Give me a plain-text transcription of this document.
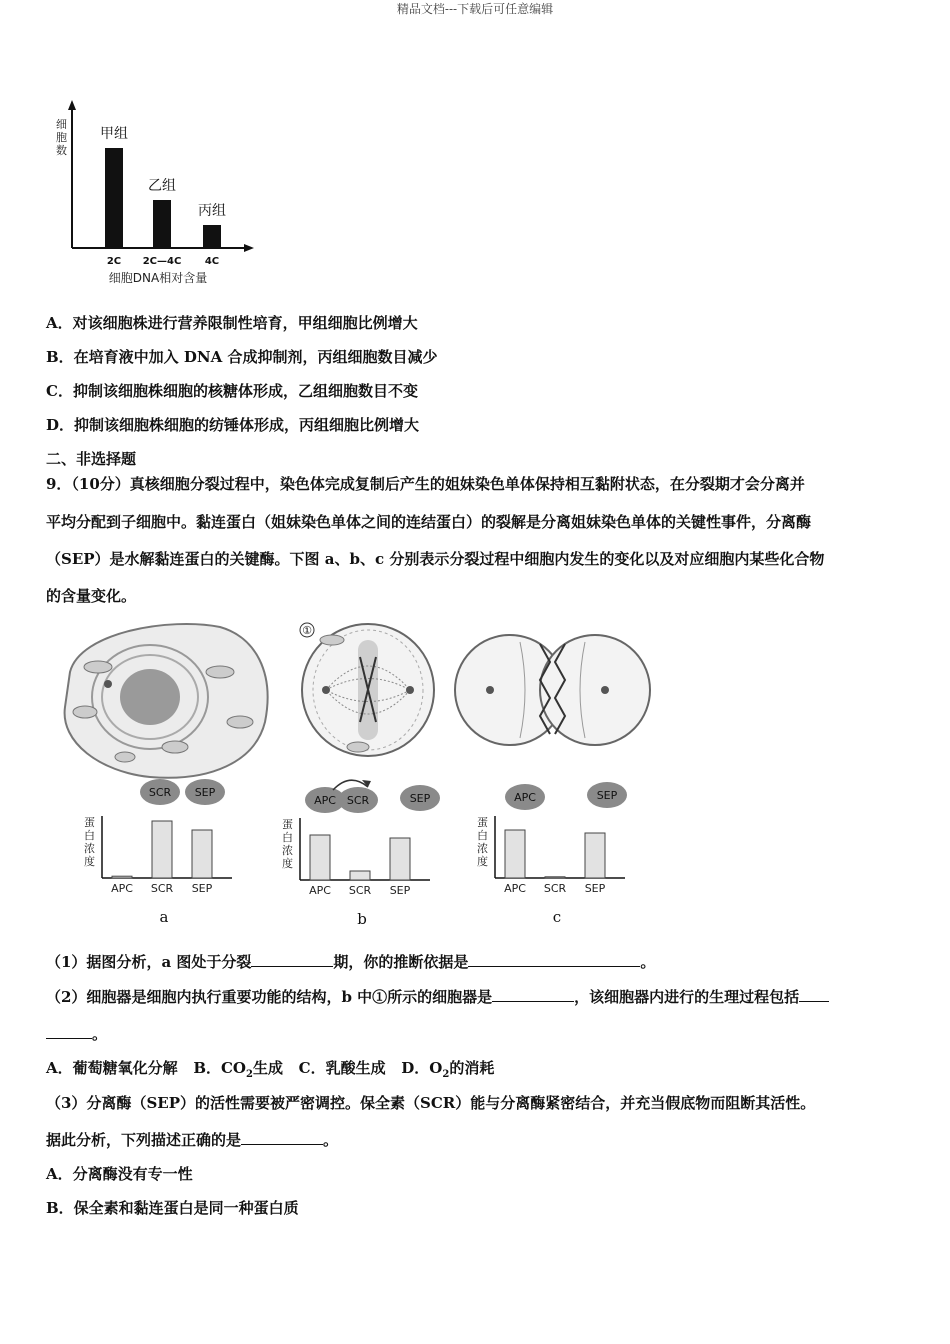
精品文档---下载后可任意编辑
细胞数
甲组
2C
乙组
2C—4C
丙组
4C
细胞DNA相对含量
A．对该细胞株进行营养限制性培育，甲组细胞比例增大
B．在培育液中加入 DNA 合成抑制剂，丙组细胞数目减少
C．抑制该细胞株细胞的核糖体形成，乙组细胞数目不变
D．抑制该细胞株细胞的纺锤体形成，丙组细胞比例增大
二、非选择题
9．（10分）真核细胞分裂过程中，染色体完成复制后产生的姐妹染色单体保持相互黏附状态，在分裂期才会分离并
平均分配到子细胞中。黏连蛋白（姐妹染色单体之间的连结蛋白）的裂解是分离姐妹染色单体的关键性事件，分离酶
（SEP）是水解黏连蛋白的关键酶。下图 a、b、c 分别表示分裂过程中细胞内发生的变化以及对应细胞内某些化合物
的含量变化。
①
SCR SEP
蛋白浓度
APC SCR SEP
a
APC SCR	SEP
蛋白浓度
APC SCR SEP
b
APC	SEP
蛋白浓度
APC SCR SEP
c
（1）据图分析，a 图处于分裂	期，你的推断依据是	。
（2）细胞器是细胞内执行重要功能的结构，b 中①所示的细胞器是	，该细胞器内进行的生理过程包括
。
A．葡萄糖氧化分解 B．$CO_2$生成 C．乳酸生成 D．$O_2$的消耗
（3）分离酶（SEP）的活性需要被严密调控。保全素（SCR）能与分离酶紧密结合，并充当假底物而阻断其活性。
据此分析，下列描述正确的是	。
A．分离酶没有专一性
B．保全素和黏连蛋白是同一种蛋白质
